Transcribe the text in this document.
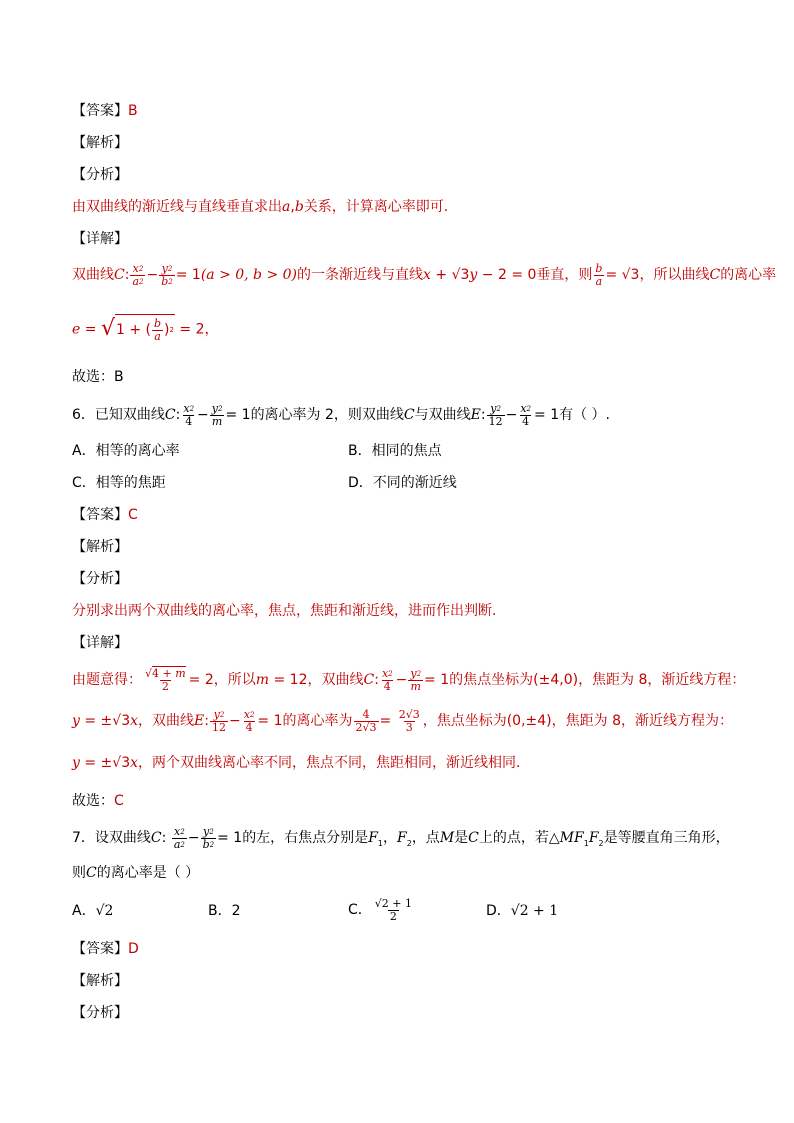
【答案】B
【解析】
【分析】
由双曲线的渐近线与直线垂直求出a,b关系，计算离心率即可.
【详解】
双曲线C: $\frac{x^2}{a^2} - \frac{y^2}{b^2} = 1(a > 0$, b > 0)的一条渐近线与直线x + √3y − 2 = 0垂直，则 $\frac{b}{a} = √3$，所以曲线C的离心率
e = √ 1 + ( $\frac{b}{a} )^2 = 2$，
故选：B
6．已知双曲线C: $\frac{x^2}{4} - \frac{y^2}{m} = 1$的离心率为 2，则双曲线C与双曲线E: $\frac{y^2}{12} - \frac{x^2}{4} = 1$有（ ）.
A．相等的离心率	B．相同的焦点
C．相等的焦距	D．不同的渐近线
【答案】C
【解析】
【分析】
分别求出两个双曲线的离心率，焦点，焦距和渐近线，进而作出判断.
【详解】
由题意得： $\frac{√4 + m}{2} = 2$，所以m = 12，双曲线C: $\frac{x^2}{4} - \frac{y^2}{m} = 1$的焦点坐标为(±4,0)，焦距为 8，渐近线方程：
y = ±√3x，双曲线E: $\frac{y^2}{12} - \frac{x^2}{4} = 1$的离心率为 $\frac{4}{2√3} = \frac{2√3}{3}$ ，焦点坐标为(0,±4)，焦距为 8，渐近线方程为：
y = ±√3x，两个双曲线离心率不同，焦点不同，焦距相同，渐近线相同.
故选：C
7．设双曲线C: $\frac{x^2}{a^2} - \frac{y^2}{b^2} = 1$的左，右焦点分别是$F_1$，$F_2$，点M是C上的点，若$\triangle MF_1F_2$是等腰直角三角形，
则C的离心率是（ ）
A．√2	B．2	C． $\frac{√2 + 1}{2}$	D．√2 + 1
【答案】D
【解析】
【分析】
